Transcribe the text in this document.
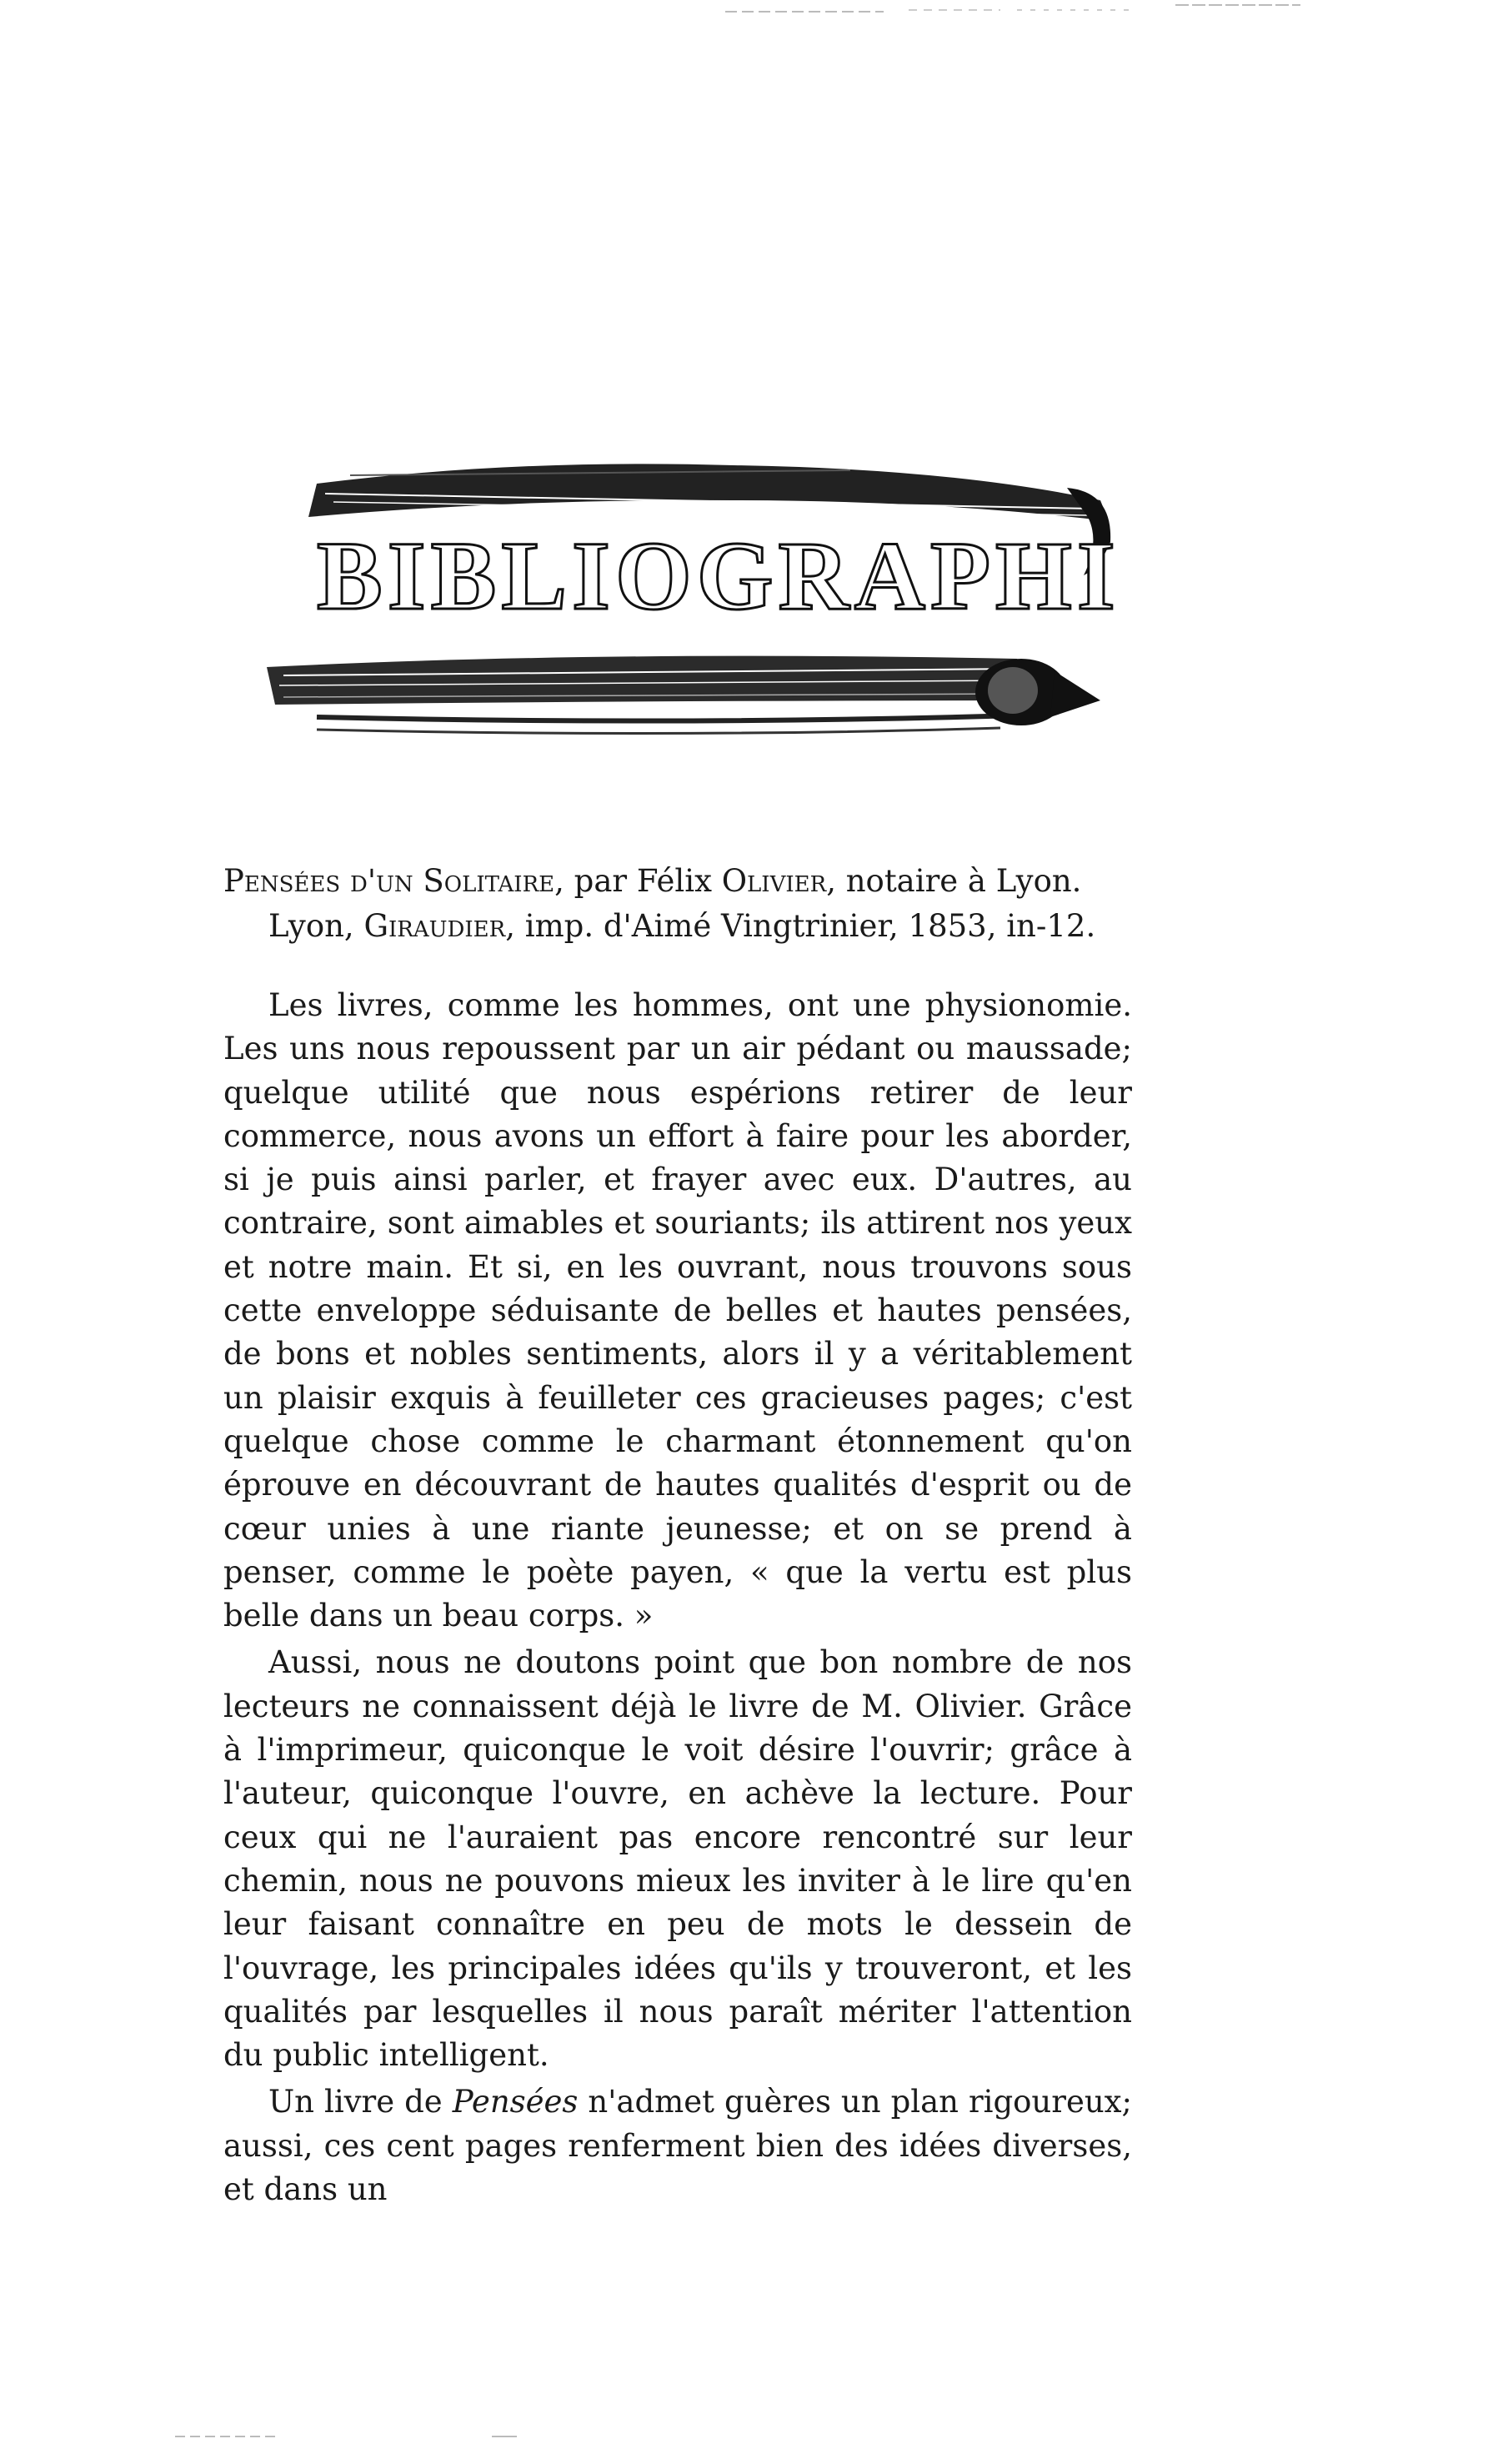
BIBLIOGRAPHIE
Pensées d'un Solitaire, par Félix Olivier, notaire à Lyon.
Lyon, Giraudier, imp. d'Aimé Vingtrinier, 1853, in-12.

Les livres, comme les hommes, ont une physionomie. Les uns nous repoussent par un air pédant ou maussade; quelque utilité que nous espérions retirer de leur commerce, nous avons un effort à faire pour les aborder, si je puis ainsi parler, et frayer avec eux. D'autres, au contraire, sont aimables et souriants; ils attirent nos yeux et notre main. Et si, en les ouvrant, nous trouvons sous cette enveloppe séduisante de belles et hautes pensées, de bons et nobles sentiments, alors il y a véritablement un plaisir exquis à feuilleter ces gracieuses pages; c'est quelque chose comme le charmant étonnement qu'on éprouve en découvrant de hautes qualités d'esprit ou de cœur unies à une riante jeunesse; et on se prend à penser, comme le poète payen, « que la vertu est plus belle dans un beau corps. »

Aussi, nous ne doutons point que bon nombre de nos lecteurs ne connaissent déjà le livre de M. Olivier. Grâce à l'imprimeur, quiconque le voit désire l'ouvrir; grâce à l'auteur, quiconque l'ouvre, en achève la lecture. Pour ceux qui ne l'auraient pas encore rencontré sur leur chemin, nous ne pouvons mieux les inviter à le lire qu'en leur faisant connaître en peu de mots le dessein de l'ouvrage, les principales idées qu'ils y trouveront, et les qualités par lesquelles il nous paraît mériter l'attention du public intelligent.

Un livre de Pensées n'admet guères un plan rigoureux; aussi, ces cent pages renferment bien des idées diverses, et dans un
